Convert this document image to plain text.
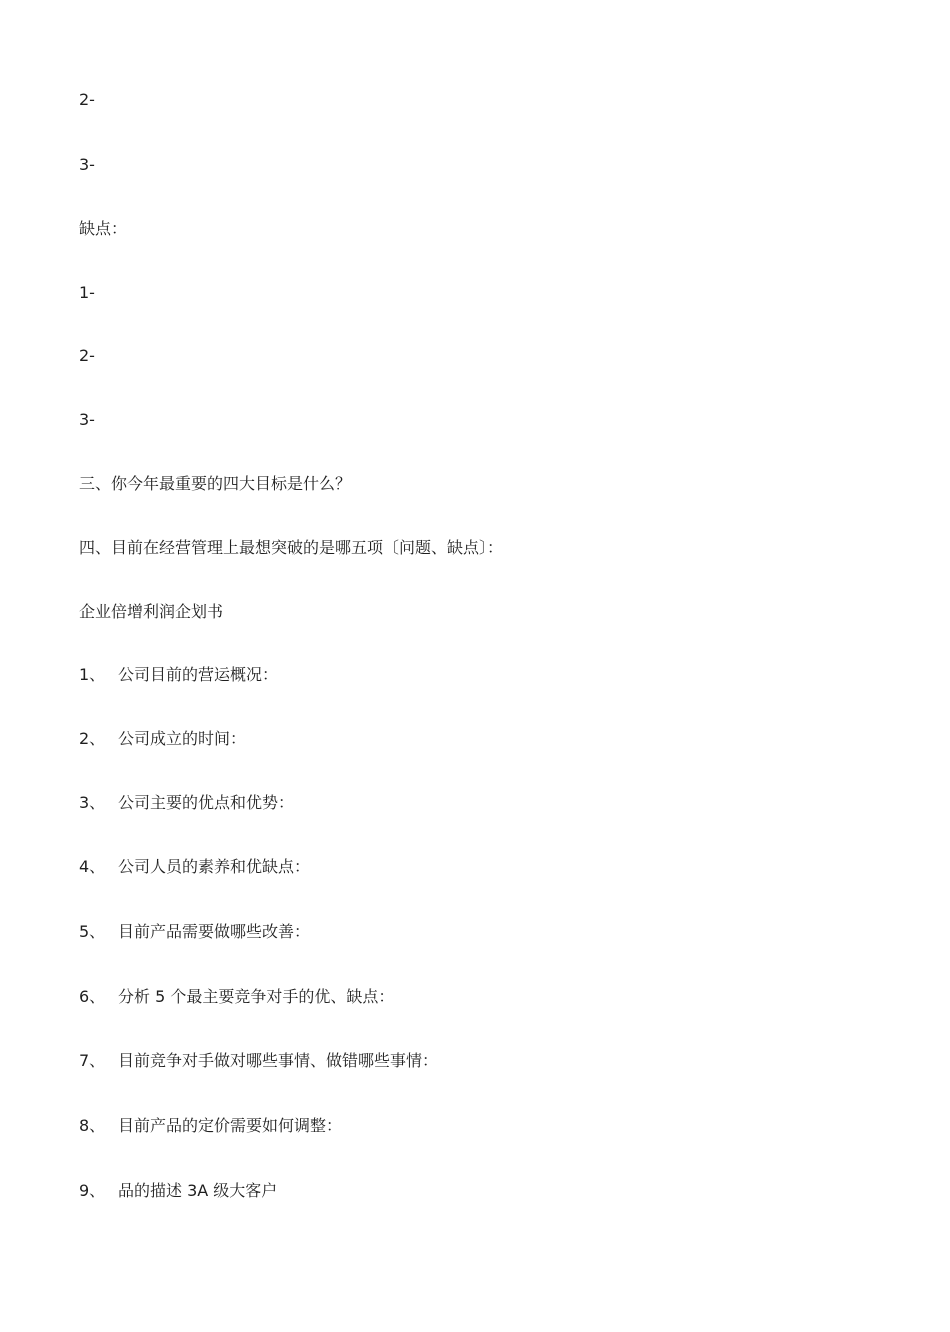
2-
3-
缺点：
1-
2-
3-
三、你今年最重要的四大目标是什么？
四、目前在经营管理上最想突破的是哪五项〔问题、缺点〕：
企业倍增利润企划书
1、 公司目前的营运概况：
2、 公司成立的时间：
3、 公司主要的优点和优势：
4、 公司人员的素养和优缺点：
5、 目前产品需要做哪些改善：
6、 分析 5 个最主要竞争对手的优、缺点：
7、 目前竞争对手做对哪些事情、做错哪些事情：
8、 目前产品的定价需要如何调整：
9、 品的描述 3A 级大客户
